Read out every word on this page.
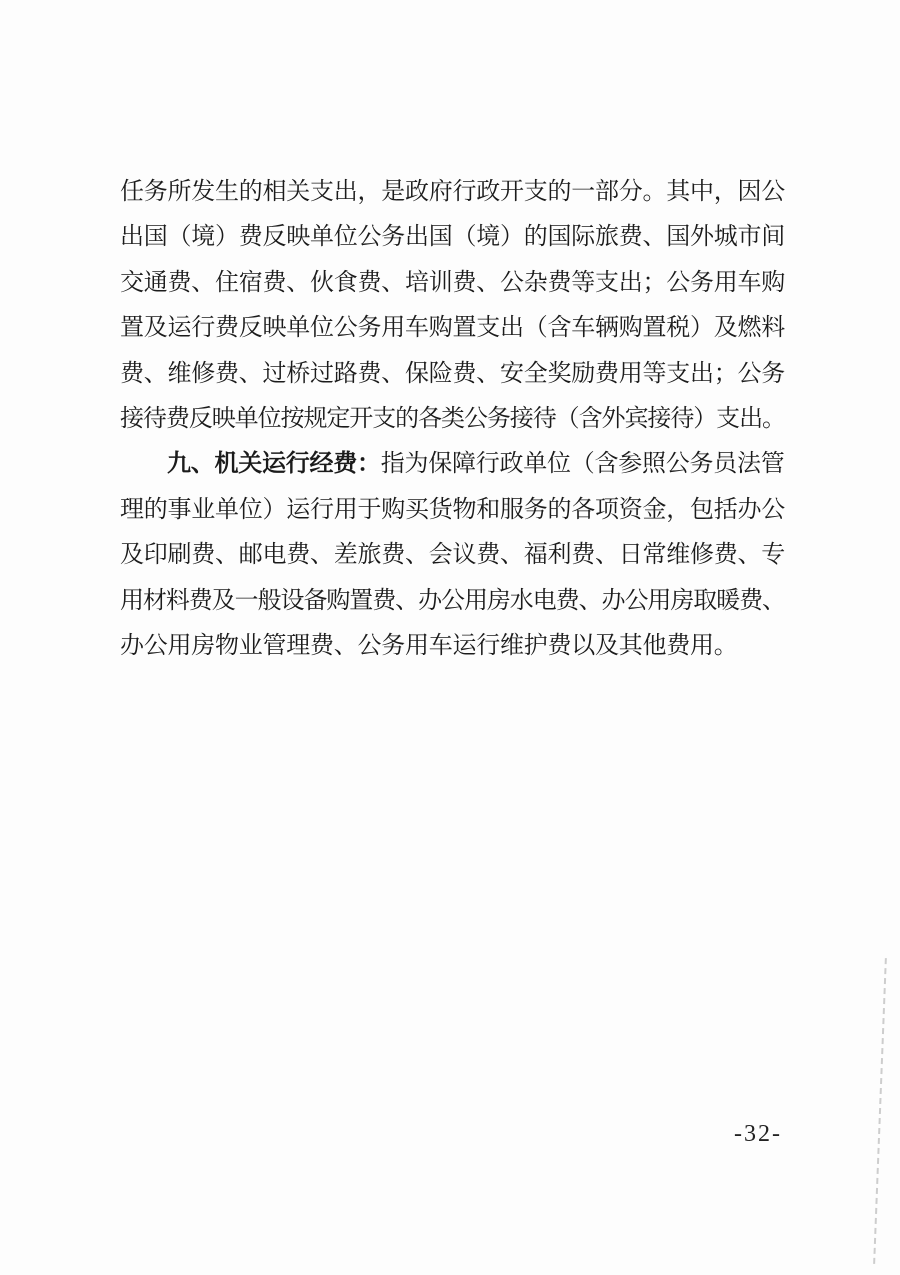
任务所发生的相关支出，是政府行政开支的一部分。其中，因公
出国（境）费反映单位公务出国（境）的国际旅费、国外城市间
交通费、住宿费、伙食费、培训费、公杂费等支出；公务用车购
置及运行费反映单位公务用车购置支出（含车辆购置税）及燃料
费、维修费、过桥过路费、保险费、安全奖励费用等支出；公务
接待费反映单位按规定开支的各类公务接待（含外宾接待）支出。
九、机关运行经费：指为保障行政单位（含参照公务员法管
理的事业单位）运行用于购买货物和服务的各项资金，包括办公
及印刷费、邮电费、差旅费、会议费、福利费、日常维修费、专
用材料费及一般设备购置费、办公用房水电费、办公用房取暖费、
办公用房物业管理费、公务用车运行维护费以及其他费用。
-32-
